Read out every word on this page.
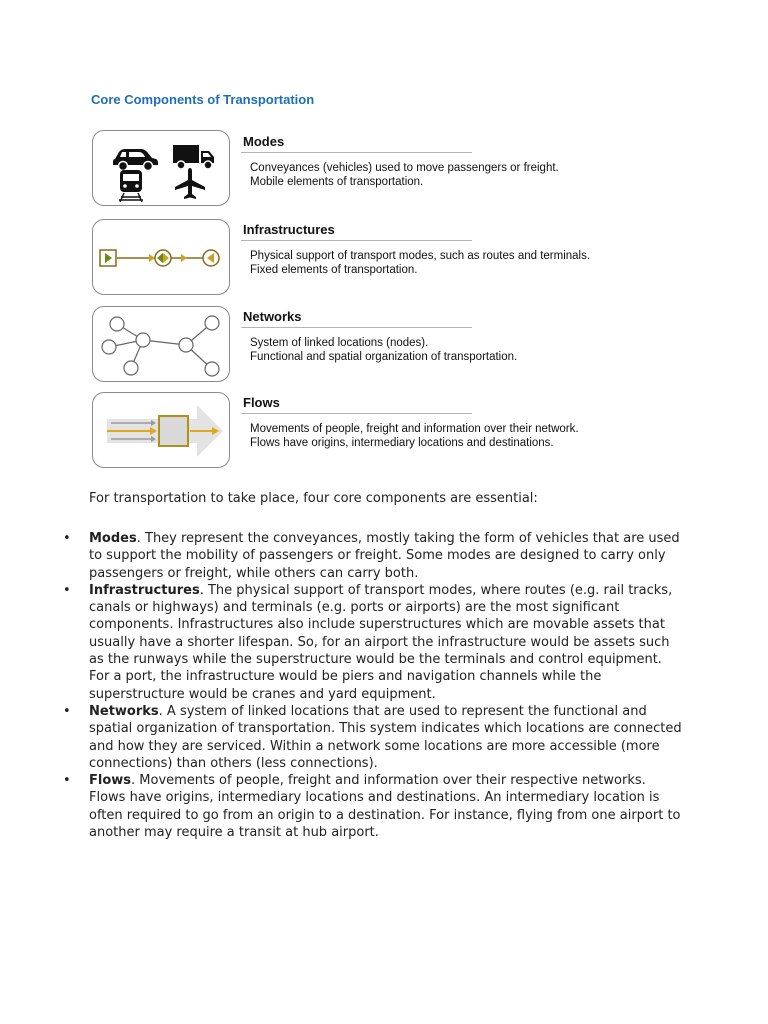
Core Components of Transportation
Modes
Conveyances (vehicles) used to move passengers or freight.
Mobile elements of transportation.
Infrastructures
Physical support of transport modes, such as routes and terminals.
Fixed elements of transportation.
Networks
System of linked locations (nodes).
Functional and spatial organization of transportation.
Flows
Movements of people, freight and information over their network.
Flows have origins, intermediary locations and destinations.
For transportation to take place, four core components are essential:
• Modes. They represent the conveyances, mostly taking the form of vehicles that are used to support the mobility of passengers or freight. Some modes are designed to carry only passengers or freight, while others can carry both.
• Infrastructures. The physical support of transport modes, where routes (e.g. rail tracks, canals or highways) and terminals (e.g. ports or airports) are the most significant components. Infrastructures also include superstructures which are movable assets that usually have a shorter lifespan. So, for an airport the infrastructure would be assets such as the runways while the superstructure would be the terminals and control equipment. For a port, the infrastructure would be piers and navigation channels while the superstructure would be cranes and yard equipment.
• Networks. A system of linked locations that are used to represent the functional and spatial organization of transportation. This system indicates which locations are connected and how they are serviced. Within a network some locations are more accessible (more connections) than others (less connections).
• Flows. Movements of people, freight and information over their respective networks. Flows have origins, intermediary locations and destinations. An intermediary location is often required to go from an origin to a destination. For instance, flying from one airport to another may require a transit at hub airport.
